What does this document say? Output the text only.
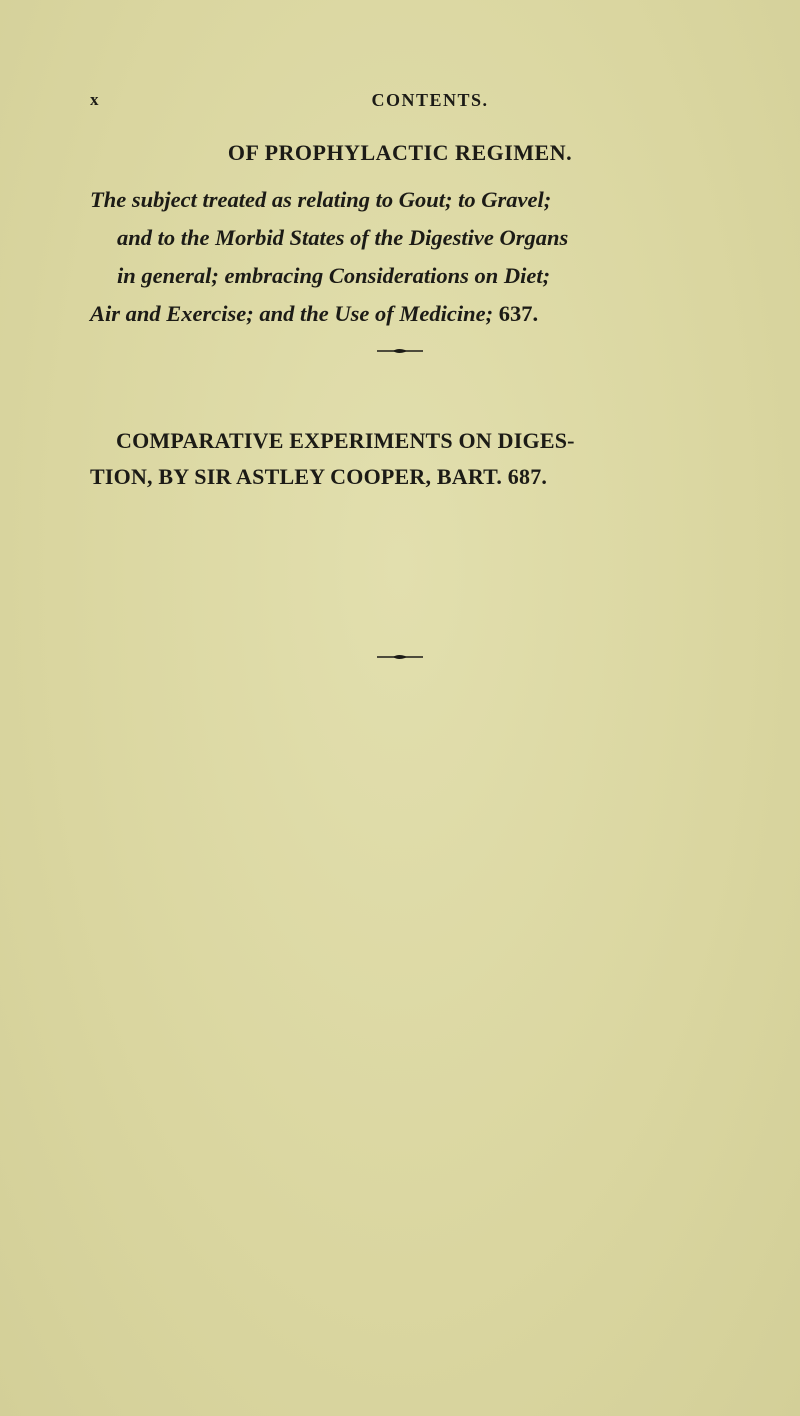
x	CONTENTS.
OF PROPHYLACTIC REGIMEN.
The subject treated as relating to Gout; to Gravel;
and to the Morbid States of the Digestive Organs
in general; embracing Considerations on Diet;
Air and Exercise; and the Use of Medicine; 637.
COMPARATIVE EXPERIMENTS ON DIGES-
TION, BY SIR ASTLEY COOPER, BART. 687.
